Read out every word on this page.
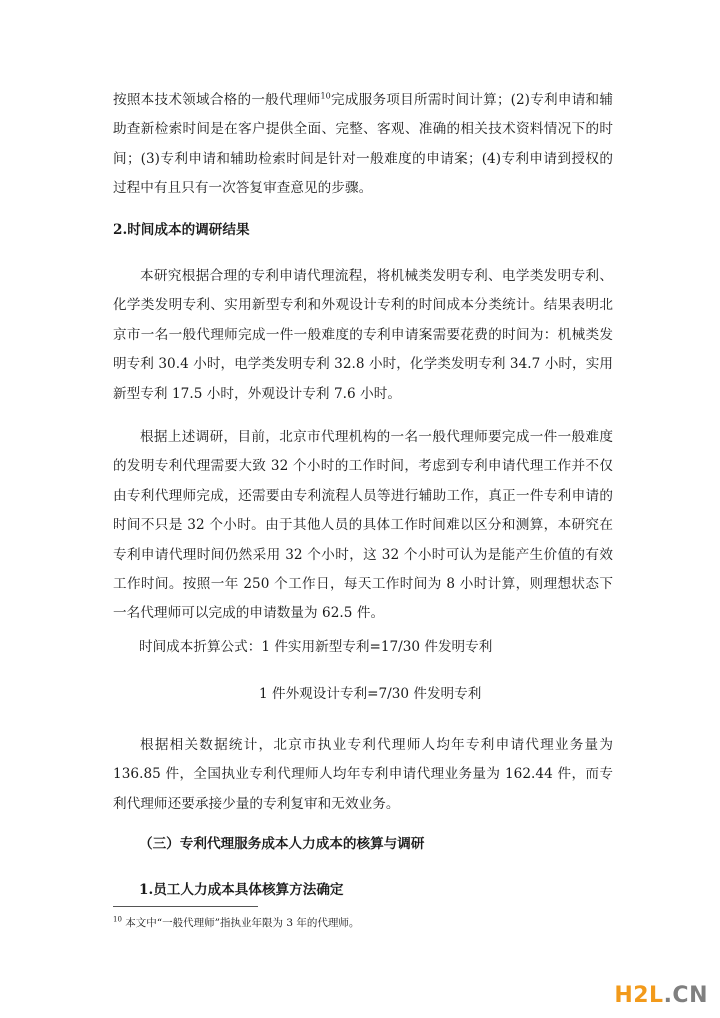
按照本技术领域合格的一般代理师$^{10}$完成服务项目所需时间计算；(2)专利申请和辅助查新检索时间是在客户提供全面、完整、客观、准确的相关技术资料情况下的时间；(3)专利申请和辅助检索时间是针对一般难度的申请案；(4)专利申请到授权的过程中有且只有一次答复审查意见的步骤。

2.时间成本的调研结果

本研究根据合理的专利申请代理流程，将机械类发明专利、电学类发明专利、化学类发明专利、实用新型专利和外观设计专利的时间成本分类统计。结果表明北京市一名一般代理师完成一件一般难度的专利申请案需要花费的时间为：机械类发明专利 30.4 小时，电学类发明专利 32.8 小时，化学类发明专利 34.7 小时，实用新型专利 17.5 小时，外观设计专利 7.6 小时。

根据上述调研，目前，北京市代理机构的一名一般代理师要完成一件一般难度的发明专利代理需要大致 32 个小时的工作时间，考虑到专利申请代理工作并不仅由专利代理师完成，还需要由专利流程人员等进行辅助工作，真正一件专利申请的时间不只是 32 个小时。由于其他人员的具体工作时间难以区分和测算，本研究在专利申请代理时间仍然采用 32 个小时，这 32 个小时可认为是能产生价值的有效工作时间。按照一年 250 个工作日，每天工作时间为 8 小时计算，则理想状态下一名代理师可以完成的申请数量为 62.5 件。

时间成本折算公式：1 件实用新型专利=17/30 件发明专利
1 件外观设计专利=7/30 件发明专利

根据相关数据统计，北京市执业专利代理师人均年专利申请代理业务量为 136.85 件，全国执业专利代理师人均年专利申请代理业务量为 162.44 件，而专利代理师还要承接少量的专利复审和无效业务。

（三）专利代理服务成本人力成本的核算与调研
1.员工人力成本具体核算方法确定
$^{10}$ 本文中“一般代理师”指执业年限为 3 年的代理师。
H2L.CN
